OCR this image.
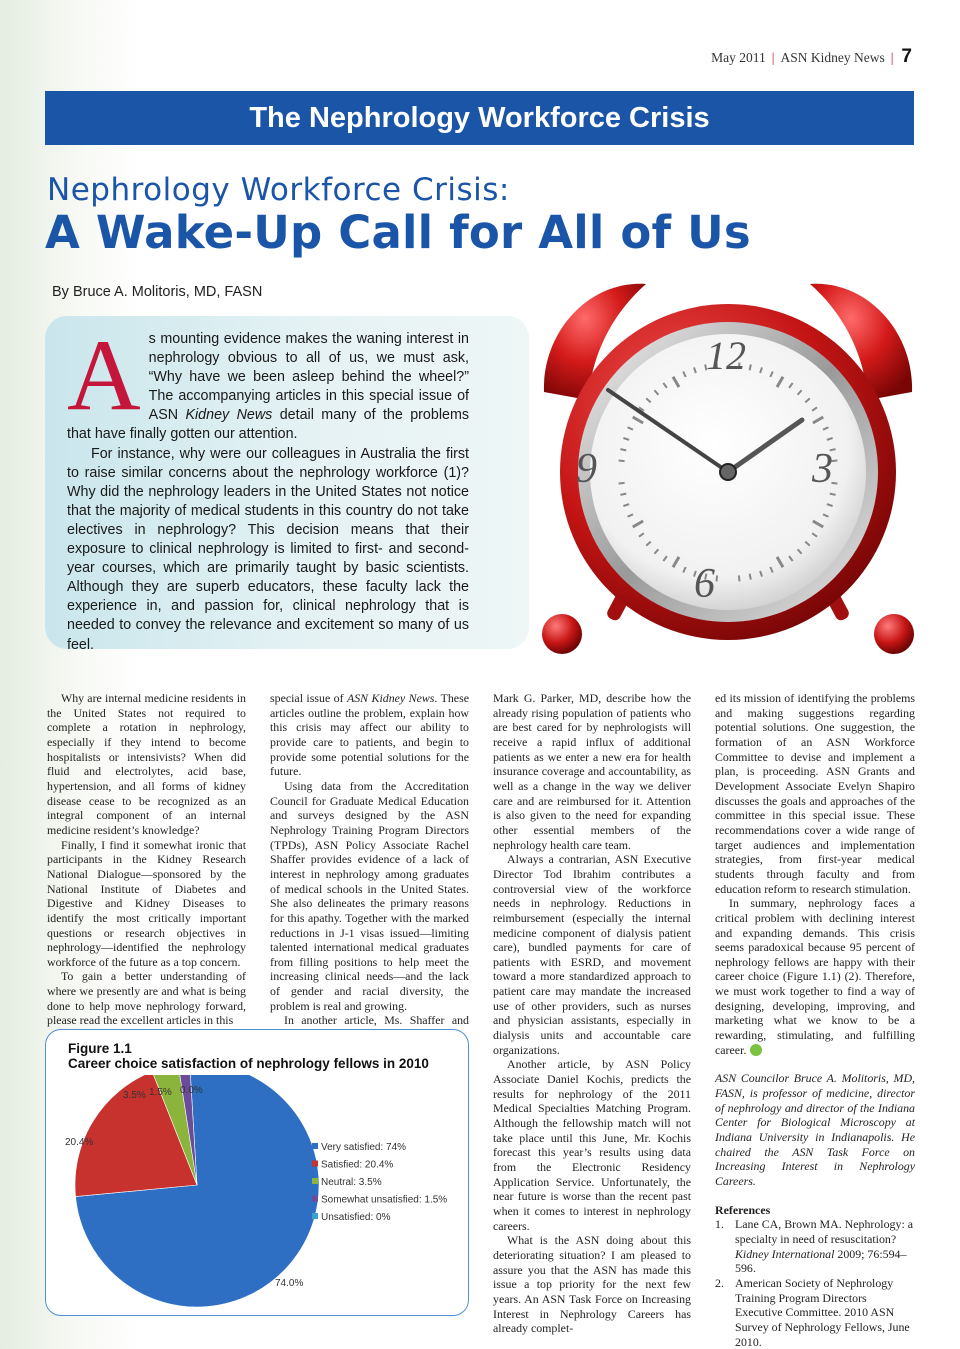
May 2011 | ASN Kidney News | 7
The Nephrology Workforce Crisis
Nephrology Workforce Crisis:
A Wake-Up Call for All of Us
By Bruce A. Molitoris, MD, FASN

As mounting evidence makes the waning interest in nephrology obvious to all of us, we must ask, “Why have we been asleep behind the wheel?” The accompanying articles in this special issue of ASN Kidney News detail many of the problems that have finally gotten our attention.

For instance, why were our colleagues in Australia the first to raise similar concerns about the nephrology workforce (1)? Why did the nephrology leaders in the United States not notice that the majority of medical students in this country do not take electives in nephrology? This decision means that their exposure to clinical nephrology is limited to first- and second-year courses, which are primarily taught by basic scientists. Although they are superb educators, these faculty lack the experience in, and passion for, clinical nephrology that is needed to convey the relevance and excitement so many of us feel.

12
3
6
9

Why are internal medicine residents in the United States not required to complete a rotation in nephrology, especially if they intend to become hospitalists or intensivists? When did fluid and electrolytes, acid base, hypertension, and all forms of kidney disease cease to be recognized as an integral component of an internal medicine resident’s knowledge?

Finally, I find it somewhat ironic that participants in the Kidney Research National Dialogue—sponsored by the National Institute of Diabetes and Digestive and Kidney Diseases to identify the most critically important questions or research objectives in nephrology—identified the nephrology workforce of the future as a top concern.

To gain a better understanding of where we presently are and what is being done to help move nephrology forward, please read the excellent articles in this

special issue of ASN Kidney News. These articles outline the problem, explain how this crisis may affect our ability to provide care to patients, and begin to provide some potential solutions for the future.

Using data from the Accreditation Council for Graduate Medical Education and surveys designed by the ASN Nephrology Training Program Directors (TPDs), ASN Policy Associate Rachel Shaffer provides evidence of a lack of interest in nephrology among graduates of medical schools in the United States. She also delineates the primary reasons for this apathy. Together with the marked reductions in J-1 visas issued—limiting talented international medical graduates from filling positions to help meet the increasing clinical needs—and the lack of gender and racial diversity, the problem is real and growing.

In another article, Ms. Shaffer and

Mark G. Parker, MD, describe how the already rising population of patients who are best cared for by nephrologists will receive a rapid influx of additional patients as we enter a new era for health insurance coverage and accountability, as well as a change in the way we deliver care and are reimbursed for it. Attention is also given to the need for expanding other essential members of the nephrology health care team.

Always a contrarian, ASN Executive Director Tod Ibrahim contributes a controversial view of the workforce needs in nephrology. Reductions in reimbursement (especially the internal medicine component of dialysis patient care), bundled payments for care of patients with ESRD, and movement toward a more standardized approach to patient care may mandate the increased use of other providers, such as nurses and physician assistants, especially in dialysis units and accountable care organizations.

Another article, by ASN Policy Associate Daniel Kochis, predicts the results for nephrology of the 2011 Medical Specialties Matching Program. Although the fellowship match will not take place until this June, Mr. Kochis forecast this year’s results using data from the Electronic Residency Application Service. Unfortunately, the near future is worse than the recent past when it comes to interest in nephrology careers.

What is the ASN doing about this deteriorating situation? I am pleased to assure you that the ASN has made this issue a top priority for the next few years. An ASN Task Force on Increasing Interest in Nephrology Careers has already complet-

ed its mission of identifying the problems and making suggestions regarding potential solutions. One suggestion, the formation of an ASN Workforce Committee to devise and implement a plan, is proceeding. ASN Grants and Development Associate Evelyn Shapiro discusses the goals and approaches of the committee in this special issue. These recommendations cover a wide range of target audiences and implementation strategies, from first-year medical students through faculty and from education reform to research stimulation.

In summary, nephrology faces a critical problem with declining interest and expanding demands. This crisis seems paradoxical because 95 percent of nephrology fellows are happy with their career choice (Figure 1.1) (2). Therefore, we must work together to find a way of designing, developing, improving, and marketing what we know to be a rewarding, stimulating, and fulfilling career.

ASN Councilor Bruce A. Molitoris, MD, FASN, is professor of medicine, director of nephrology and director of the Indiana Center for Biological Microscopy at Indiana University in Indianapolis. He chaired the ASN Task Force on Increasing Interest in Nephrology Careers.

References

1. Lane CA, Brown MA. Nephrology: a specialty in need of resuscitation? Kidney International 2009; 76:594–596.
2. American Society of Nephrology Training Program Directors Executive Committee. 2010 ASN Survey of Nephrology Fellows, June 2010.
Figure 1.1
Career choice satisfaction of nephrology fellows in 2010
74.0%
20.4%
3.5% 1.5% 0.0%
Very satisfied: 74%
Satisfied: 20.4%
Neutral: 3.5%
Somewhat unsatisfied: 1.5%
Unsatisfied: 0%
